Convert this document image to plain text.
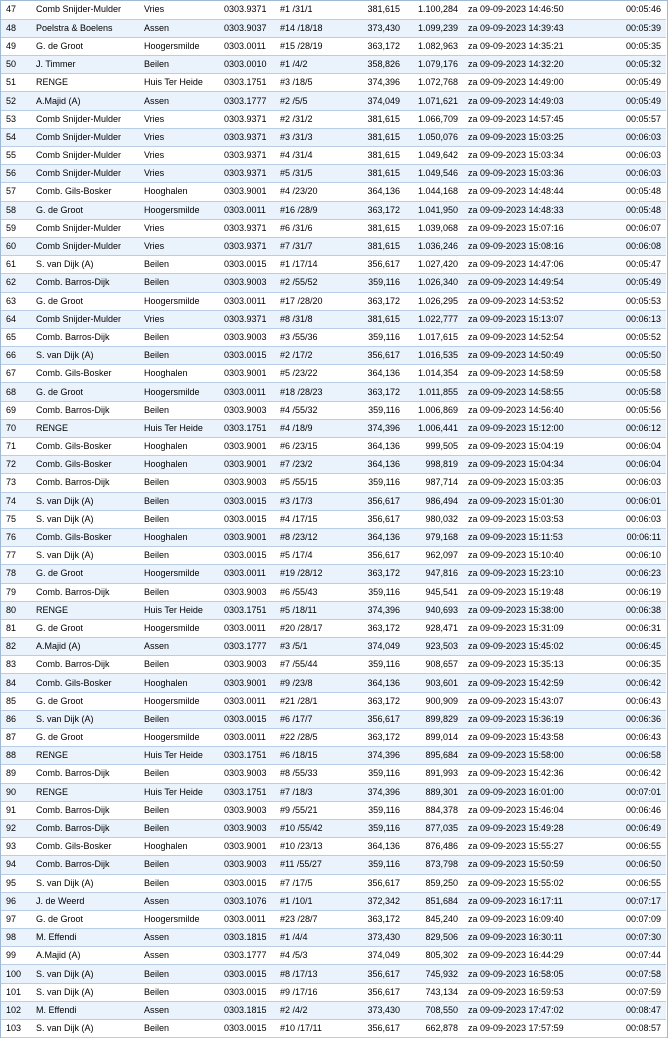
47	Comb Snijder-Mulder	Vries	0303.9371	#1 /31/1	381,615	1.100,284	za 09-09-2023 14:46:50	00:05:46
48	Poelstra & Boelens	Assen	0303.9037	#14 /18/18	373,430	1.099,239	za 09-09-2023 14:39:43	00:05:39
49	G. de Groot	Hoogersmilde	0303.0011	#15 /28/19	363,172	1.082,963	za 09-09-2023 14:35:21	00:05:35
50	J. Timmer	Beilen	0303.0010	#1 /4/2	358,826	1.079,176	za 09-09-2023 14:32:20	00:05:32
51	RENGE	Huis Ter Heide	0303.1751	#3 /18/5	374,396	1.072,768	za 09-09-2023 14:49:00	00:05:49
52	A.Majid (A)	Assen	0303.1777	#2 /5/5	374,049	1.071,621	za 09-09-2023 14:49:03	00:05:49
53	Comb Snijder-Mulder	Vries	0303.9371	#2 /31/2	381,615	1.066,709	za 09-09-2023 14:57:45	00:05:57
54	Comb Snijder-Mulder	Vries	0303.9371	#3 /31/3	381,615	1.050,076	za 09-09-2023 15:03:25	00:06:03
55	Comb Snijder-Mulder	Vries	0303.9371	#4 /31/4	381,615	1.049,642	za 09-09-2023 15:03:34	00:06:03
56	Comb Snijder-Mulder	Vries	0303.9371	#5 /31/5	381,615	1.049,546	za 09-09-2023 15:03:36	00:06:03
57	Comb. Gils-Bosker	Hooghalen	0303.9001	#4 /23/20	364,136	1.044,168	za 09-09-2023 14:48:44	00:05:48
58	G. de Groot	Hoogersmilde	0303.0011	#16 /28/9	363,172	1.041,950	za 09-09-2023 14:48:33	00:05:48
59	Comb Snijder-Mulder	Vries	0303.9371	#6 /31/6	381,615	1.039,068	za 09-09-2023 15:07:16	00:06:07
60	Comb Snijder-Mulder	Vries	0303.9371	#7 /31/7	381,615	1.036,246	za 09-09-2023 15:08:16	00:06:08
61	S. van Dijk (A)	Beilen	0303.0015	#1 /17/14	356,617	1.027,420	za 09-09-2023 14:47:06	00:05:47
62	Comb. Barros-Dijk	Beilen	0303.9003	#2 /55/52	359,116	1.026,340	za 09-09-2023 14:49:54	00:05:49
63	G. de Groot	Hoogersmilde	0303.0011	#17 /28/20	363,172	1.026,295	za 09-09-2023 14:53:52	00:05:53
64	Comb Snijder-Mulder	Vries	0303.9371	#8 /31/8	381,615	1.022,777	za 09-09-2023 15:13:07	00:06:13
65	Comb. Barros-Dijk	Beilen	0303.9003	#3 /55/36	359,116	1.017,615	za 09-09-2023 14:52:54	00:05:52
66	S. van Dijk (A)	Beilen	0303.0015	#2 /17/2	356,617	1.016,535	za 09-09-2023 14:50:49	00:05:50
67	Comb. Gils-Bosker	Hooghalen	0303.9001	#5 /23/22	364,136	1.014,354	za 09-09-2023 14:58:59	00:05:58
68	G. de Groot	Hoogersmilde	0303.0011	#18 /28/23	363,172	1.011,855	za 09-09-2023 14:58:55	00:05:58
69	Comb. Barros-Dijk	Beilen	0303.9003	#4 /55/32	359,116	1.006,869	za 09-09-2023 14:56:40	00:05:56
70	RENGE	Huis Ter Heide	0303.1751	#4 /18/9	374,396	1.006,441	za 09-09-2023 15:12:00	00:06:12
71	Comb. Gils-Bosker	Hooghalen	0303.9001	#6 /23/15	364,136	999,505	za 09-09-2023 15:04:19	00:06:04
72	Comb. Gils-Bosker	Hooghalen	0303.9001	#7 /23/2	364,136	998,819	za 09-09-2023 15:04:34	00:06:04
73	Comb. Barros-Dijk	Beilen	0303.9003	#5 /55/15	359,116	987,714	za 09-09-2023 15:03:35	00:06:03
74	S. van Dijk (A)	Beilen	0303.0015	#3 /17/3	356,617	986,494	za 09-09-2023 15:01:30	00:06:01
75	S. van Dijk (A)	Beilen	0303.0015	#4 /17/15	356,617	980,032	za 09-09-2023 15:03:53	00:06:03
76	Comb. Gils-Bosker	Hooghalen	0303.9001	#8 /23/12	364,136	979,168	za 09-09-2023 15:11:53	00:06:11
77	S. van Dijk (A)	Beilen	0303.0015	#5 /17/4	356,617	962,097	za 09-09-2023 15:10:40	00:06:10
78	G. de Groot	Hoogersmilde	0303.0011	#19 /28/12	363,172	947,816	za 09-09-2023 15:23:10	00:06:23
79	Comb. Barros-Dijk	Beilen	0303.9003	#6 /55/43	359,116	945,541	za 09-09-2023 15:19:48	00:06:19
80	RENGE	Huis Ter Heide	0303.1751	#5 /18/11	374,396	940,693	za 09-09-2023 15:38:00	00:06:38
81	G. de Groot	Hoogersmilde	0303.0011	#20 /28/17	363,172	928,471	za 09-09-2023 15:31:09	00:06:31
82	A.Majid (A)	Assen	0303.1777	#3 /5/1	374,049	923,503	za 09-09-2023 15:45:02	00:06:45
83	Comb. Barros-Dijk	Beilen	0303.9003	#7 /55/44	359,116	908,657	za 09-09-2023 15:35:13	00:06:35
84	Comb. Gils-Bosker	Hooghalen	0303.9001	#9 /23/8	364,136	903,601	za 09-09-2023 15:42:59	00:06:42
85	G. de Groot	Hoogersmilde	0303.0011	#21 /28/1	363,172	900,909	za 09-09-2023 15:43:07	00:06:43
86	S. van Dijk (A)	Beilen	0303.0015	#6 /17/7	356,617	899,829	za 09-09-2023 15:36:19	00:06:36
87	G. de Groot	Hoogersmilde	0303.0011	#22 /28/5	363,172	899,014	za 09-09-2023 15:43:58	00:06:43
88	RENGE	Huis Ter Heide	0303.1751	#6 /18/15	374,396	895,684	za 09-09-2023 15:58:00	00:06:58
89	Comb. Barros-Dijk	Beilen	0303.9003	#8 /55/33	359,116	891,993	za 09-09-2023 15:42:36	00:06:42
90	RENGE	Huis Ter Heide	0303.1751	#7 /18/3	374,396	889,301	za 09-09-2023 16:01:00	00:07:01
91	Comb. Barros-Dijk	Beilen	0303.9003	#9 /55/21	359,116	884,378	za 09-09-2023 15:46:04	00:06:46
92	Comb. Barros-Dijk	Beilen	0303.9003	#10 /55/42	359,116	877,035	za 09-09-2023 15:49:28	00:06:49
93	Comb. Gils-Bosker	Hooghalen	0303.9001	#10 /23/13	364,136	876,486	za 09-09-2023 15:55:27	00:06:55
94	Comb. Barros-Dijk	Beilen	0303.9003	#11 /55/27	359,116	873,798	za 09-09-2023 15:50:59	00:06:50
95	S. van Dijk (A)	Beilen	0303.0015	#7 /17/5	356,617	859,250	za 09-09-2023 15:55:02	00:06:55
96	J. de Weerd	Assen	0303.1076	#1 /10/1	372,342	851,684	za 09-09-2023 16:17:11	00:07:17
97	G. de Groot	Hoogersmilde	0303.0011	#23 /28/7	363,172	845,240	za 09-09-2023 16:09:40	00:07:09
98	M. Effendi	Assen	0303.1815	#1 /4/4	373,430	829,506	za 09-09-2023 16:30:11	00:07:30
99	A.Majid (A)	Assen	0303.1777	#4 /5/3	374,049	805,302	za 09-09-2023 16:44:29	00:07:44
100	S. van Dijk (A)	Beilen	0303.0015	#8 /17/13	356,617	745,932	za 09-09-2023 16:58:05	00:07:58
101	S. van Dijk (A)	Beilen	0303.0015	#9 /17/16	356,617	743,134	za 09-09-2023 16:59:53	00:07:59
102	M. Effendi	Assen	0303.1815	#2 /4/2	373,430	708,550	za 09-09-2023 17:47:02	00:08:47
103	S. van Dijk (A)	Beilen	0303.0015	#10 /17/11	356,617	662,878	za 09-09-2023 17:57:59	00:08:57
